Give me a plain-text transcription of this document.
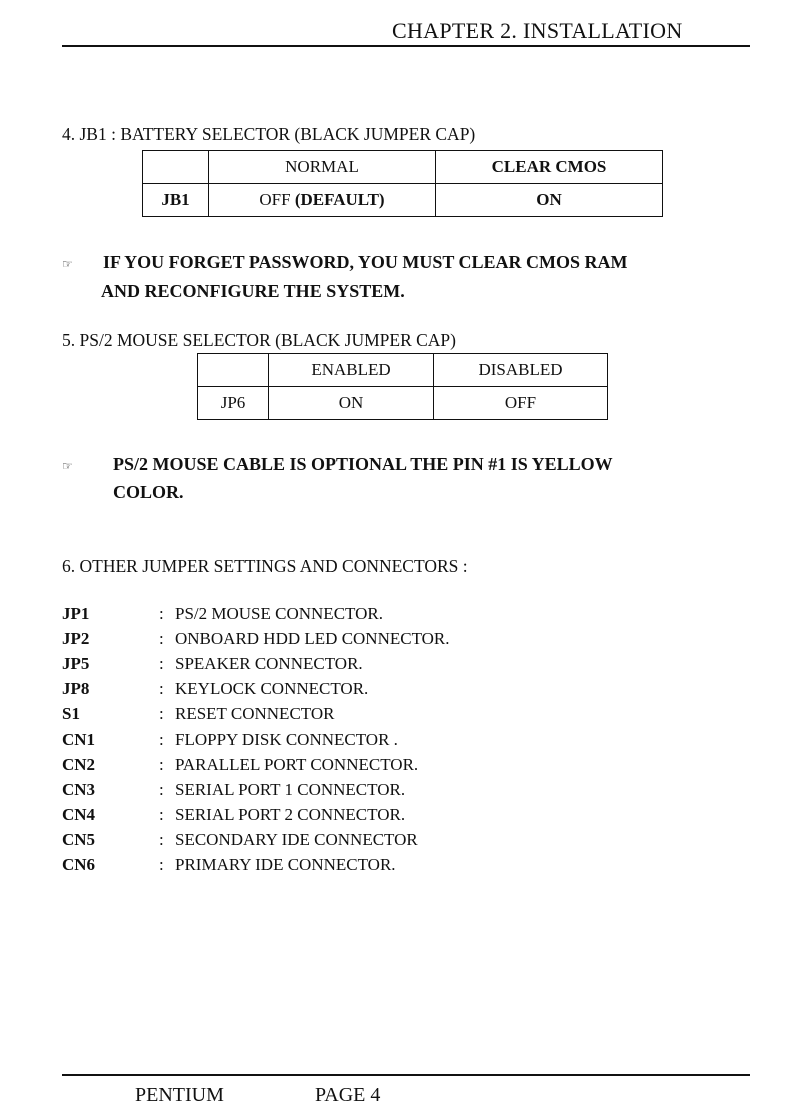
CHAPTER 2. INSTALLATION
4. JB1 : BATTERY SELECTOR (BLACK JUMPER CAP)
	NORMAL	CLEAR CMOS
JB1	OFF (DEFAULT)	ON
☞ IF YOU FORGET PASSWORD, YOU MUST CLEAR CMOS RAM
AND RECONFIGURE THE SYSTEM.
5. PS/2 MOUSE SELECTOR (BLACK JUMPER CAP)
	ENABLED	DISABLED
JP6	ON	OFF
☞ PS/2 MOUSE CABLE IS OPTIONAL THE PIN #1 IS YELLOW
COLOR.
6. OTHER JUMPER SETTINGS AND CONNECTORS :
JP1	: PS/2 MOUSE CONNECTOR.
JP2	: ONBOARD HDD LED CONNECTOR.
JP5	: SPEAKER CONNECTOR.
JP8	: KEYLOCK CONNECTOR.
S1	: RESET CONNECTOR
CN1	: FLOPPY DISK CONNECTOR .
CN2	: PARALLEL PORT CONNECTOR.
CN3	: SERIAL PORT 1 CONNECTOR.
CN4	: SERIAL PORT 2 CONNECTOR.
CN5	: SECONDARY IDE CONNECTOR
CN6	: PRIMARY IDE CONNECTOR.
PENTIUM	PAGE 4
